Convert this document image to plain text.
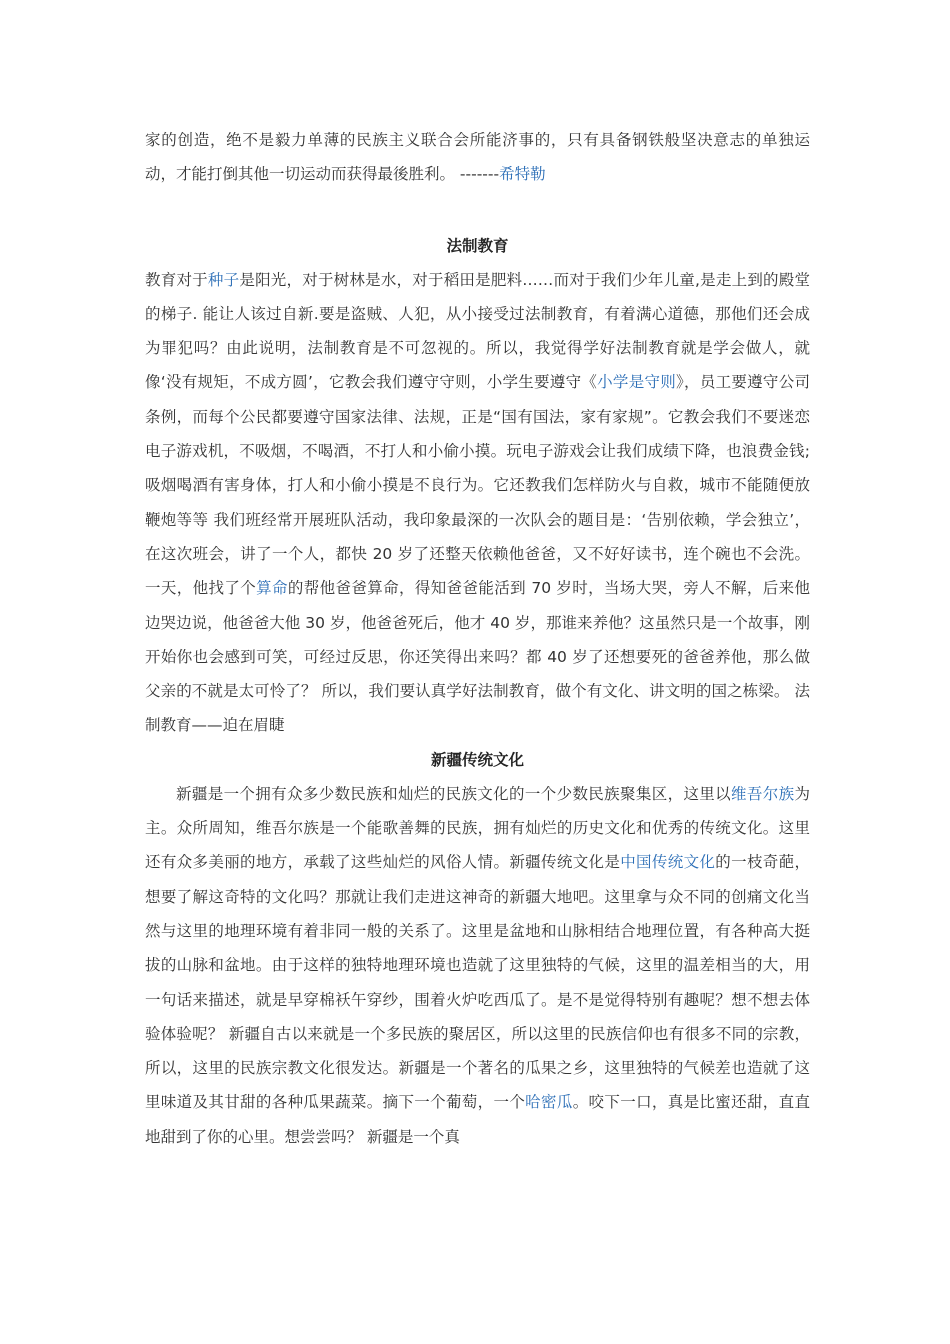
家的创造，绝不是毅力单薄的民族主义联合会所能济事的，只有具备钢铁般坚决意志的单独运动，才能打倒其他一切运动而获得最後胜利。 -------希特勒

法制教育

教育对于种子是阳光，对于树林是水，对于稻田是肥料……而对于我们少年儿童,是走上到的殿堂的梯子. 能让人该过自新.要是盗贼、人犯，从小接受过法制教育，有着满心道德，那他们还会成为罪犯吗？由此说明，法制教育是不可忽视的。所以，我觉得学好法制教育就是学会做人，就像‘没有规矩，不成方圆’，它教会我们遵守守则，小学生要遵守《小学是守则》，员工要遵守公司条例，而每个公民都要遵守国家法律、法规，正是“国有国法，家有家规”。它教会我们不要迷恋电子游戏机，不吸烟，不喝酒，不打人和小偷小摸。玩电子游戏会让我们成绩下降，也浪费金钱;吸烟喝酒有害身体，打人和小偷小摸是不良行为。它还教我们怎样防火与自救，城市不能随便放鞭炮等等 我们班经常开展班队活动，我印象最深的一次队会的题目是：‘告别依赖，学会独立’，在这次班会，讲了一个人，都快 20 岁了还整天依赖他爸爸，又不好好读书，连个碗也不会洗。一天，他找了个算命的帮他爸爸算命，得知爸爸能活到 70 岁时，当场大哭，旁人不解，后来他边哭边说，他爸爸大他 30 岁，他爸爸死后，他才 40 岁，那谁来养他？这虽然只是一个故事，刚开始你也会感到可笑，可经过反思，你还笑得出来吗？都 40 岁了还想要死的爸爸养他，那么做父亲的不就是太可怜了？ 所以，我们要认真学好法制教育，做个有文化、讲文明的国之栋梁。 法制教育——迫在眉睫

新疆传统文化

新疆是一个拥有众多少数民族和灿烂的民族文化的一个少数民族聚集区，这里以维吾尔族为主。众所周知，维吾尔族是一个能歌善舞的民族，拥有灿烂的历史文化和优秀的传统文化。这里还有众多美丽的地方，承载了这些灿烂的风俗人情。新疆传统文化是中国传统文化的一枝奇葩，想要了解这奇特的文化吗？那就让我们走进这神奇的新疆大地吧。这里拿与众不同的创痛文化当然与这里的地理环境有着非同一般的关系了。这里是盆地和山脉相结合地理位置，有各种高大挺拔的山脉和盆地。由于这样的独特地理环境也造就了这里独特的气候，这里的温差相当的大，用一句话来描述，就是早穿棉袄午穿纱，围着火炉吃西瓜了。是不是觉得特别有趣呢？想不想去体验体验呢？ 新疆自古以来就是一个多民族的聚居区，所以这里的民族信仰也有很多不同的宗教，所以，这里的民族宗教文化很发达。新疆是一个著名的瓜果之乡，这里独特的气候差也造就了这里味道及其甘甜的各种瓜果蔬菜。摘下一个葡萄，一个哈密瓜。咬下一口，真是比蜜还甜，直直地甜到了你的心里。想尝尝吗？ 新疆是一个真
